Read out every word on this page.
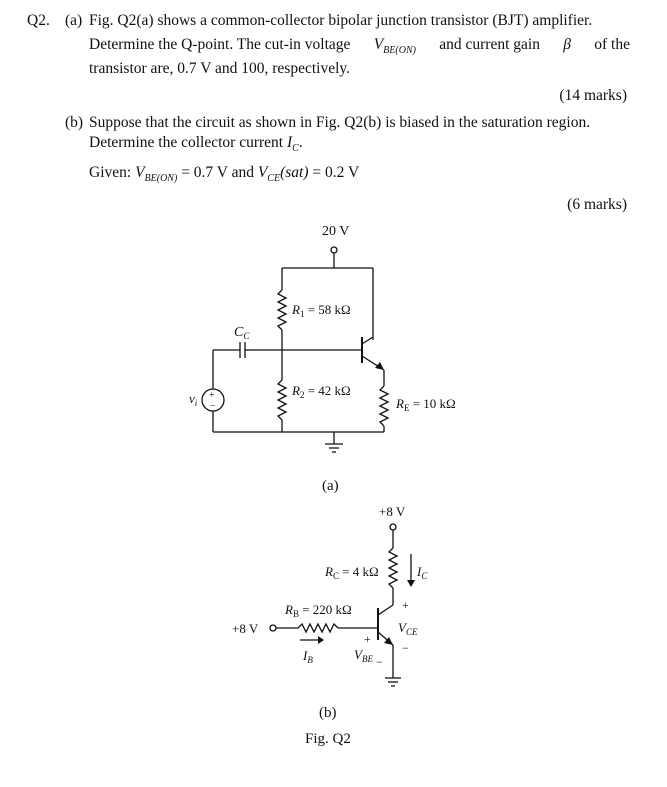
Q2. (a) Fig. Q2(a) shows a common-collector bipolar junction transistor (BJT) amplifier.
Determine the Q-point. The cut-in voltage $V_{BE(ON)}$ and current gain β of the
transistor are, 0.7 V and 100, respectively.
(14 marks)
(b) Suppose that the circuit as shown in Fig. Q2(b) is biased in the saturation region.
Determine the collector current $I_C$.
Given: $V_{BE(ON)} = 0.7$ V and $V_{CE}(sat) = 0.2$ V
(6 marks)
20 V
$R_1 = 58$ kΩ
$R_2 = 42$ kΩ
$R_E = 10$ kΩ
$C_C$
$v_i$
+
−
(a)
+8 V
$R_C = 4$ kΩ	$I_C$
$R_B = 220$ kΩ
+8 V
$I_B$
+
$V_{BE}$ −
+
$V_{CE}$
−
(b)
Fig. Q2
